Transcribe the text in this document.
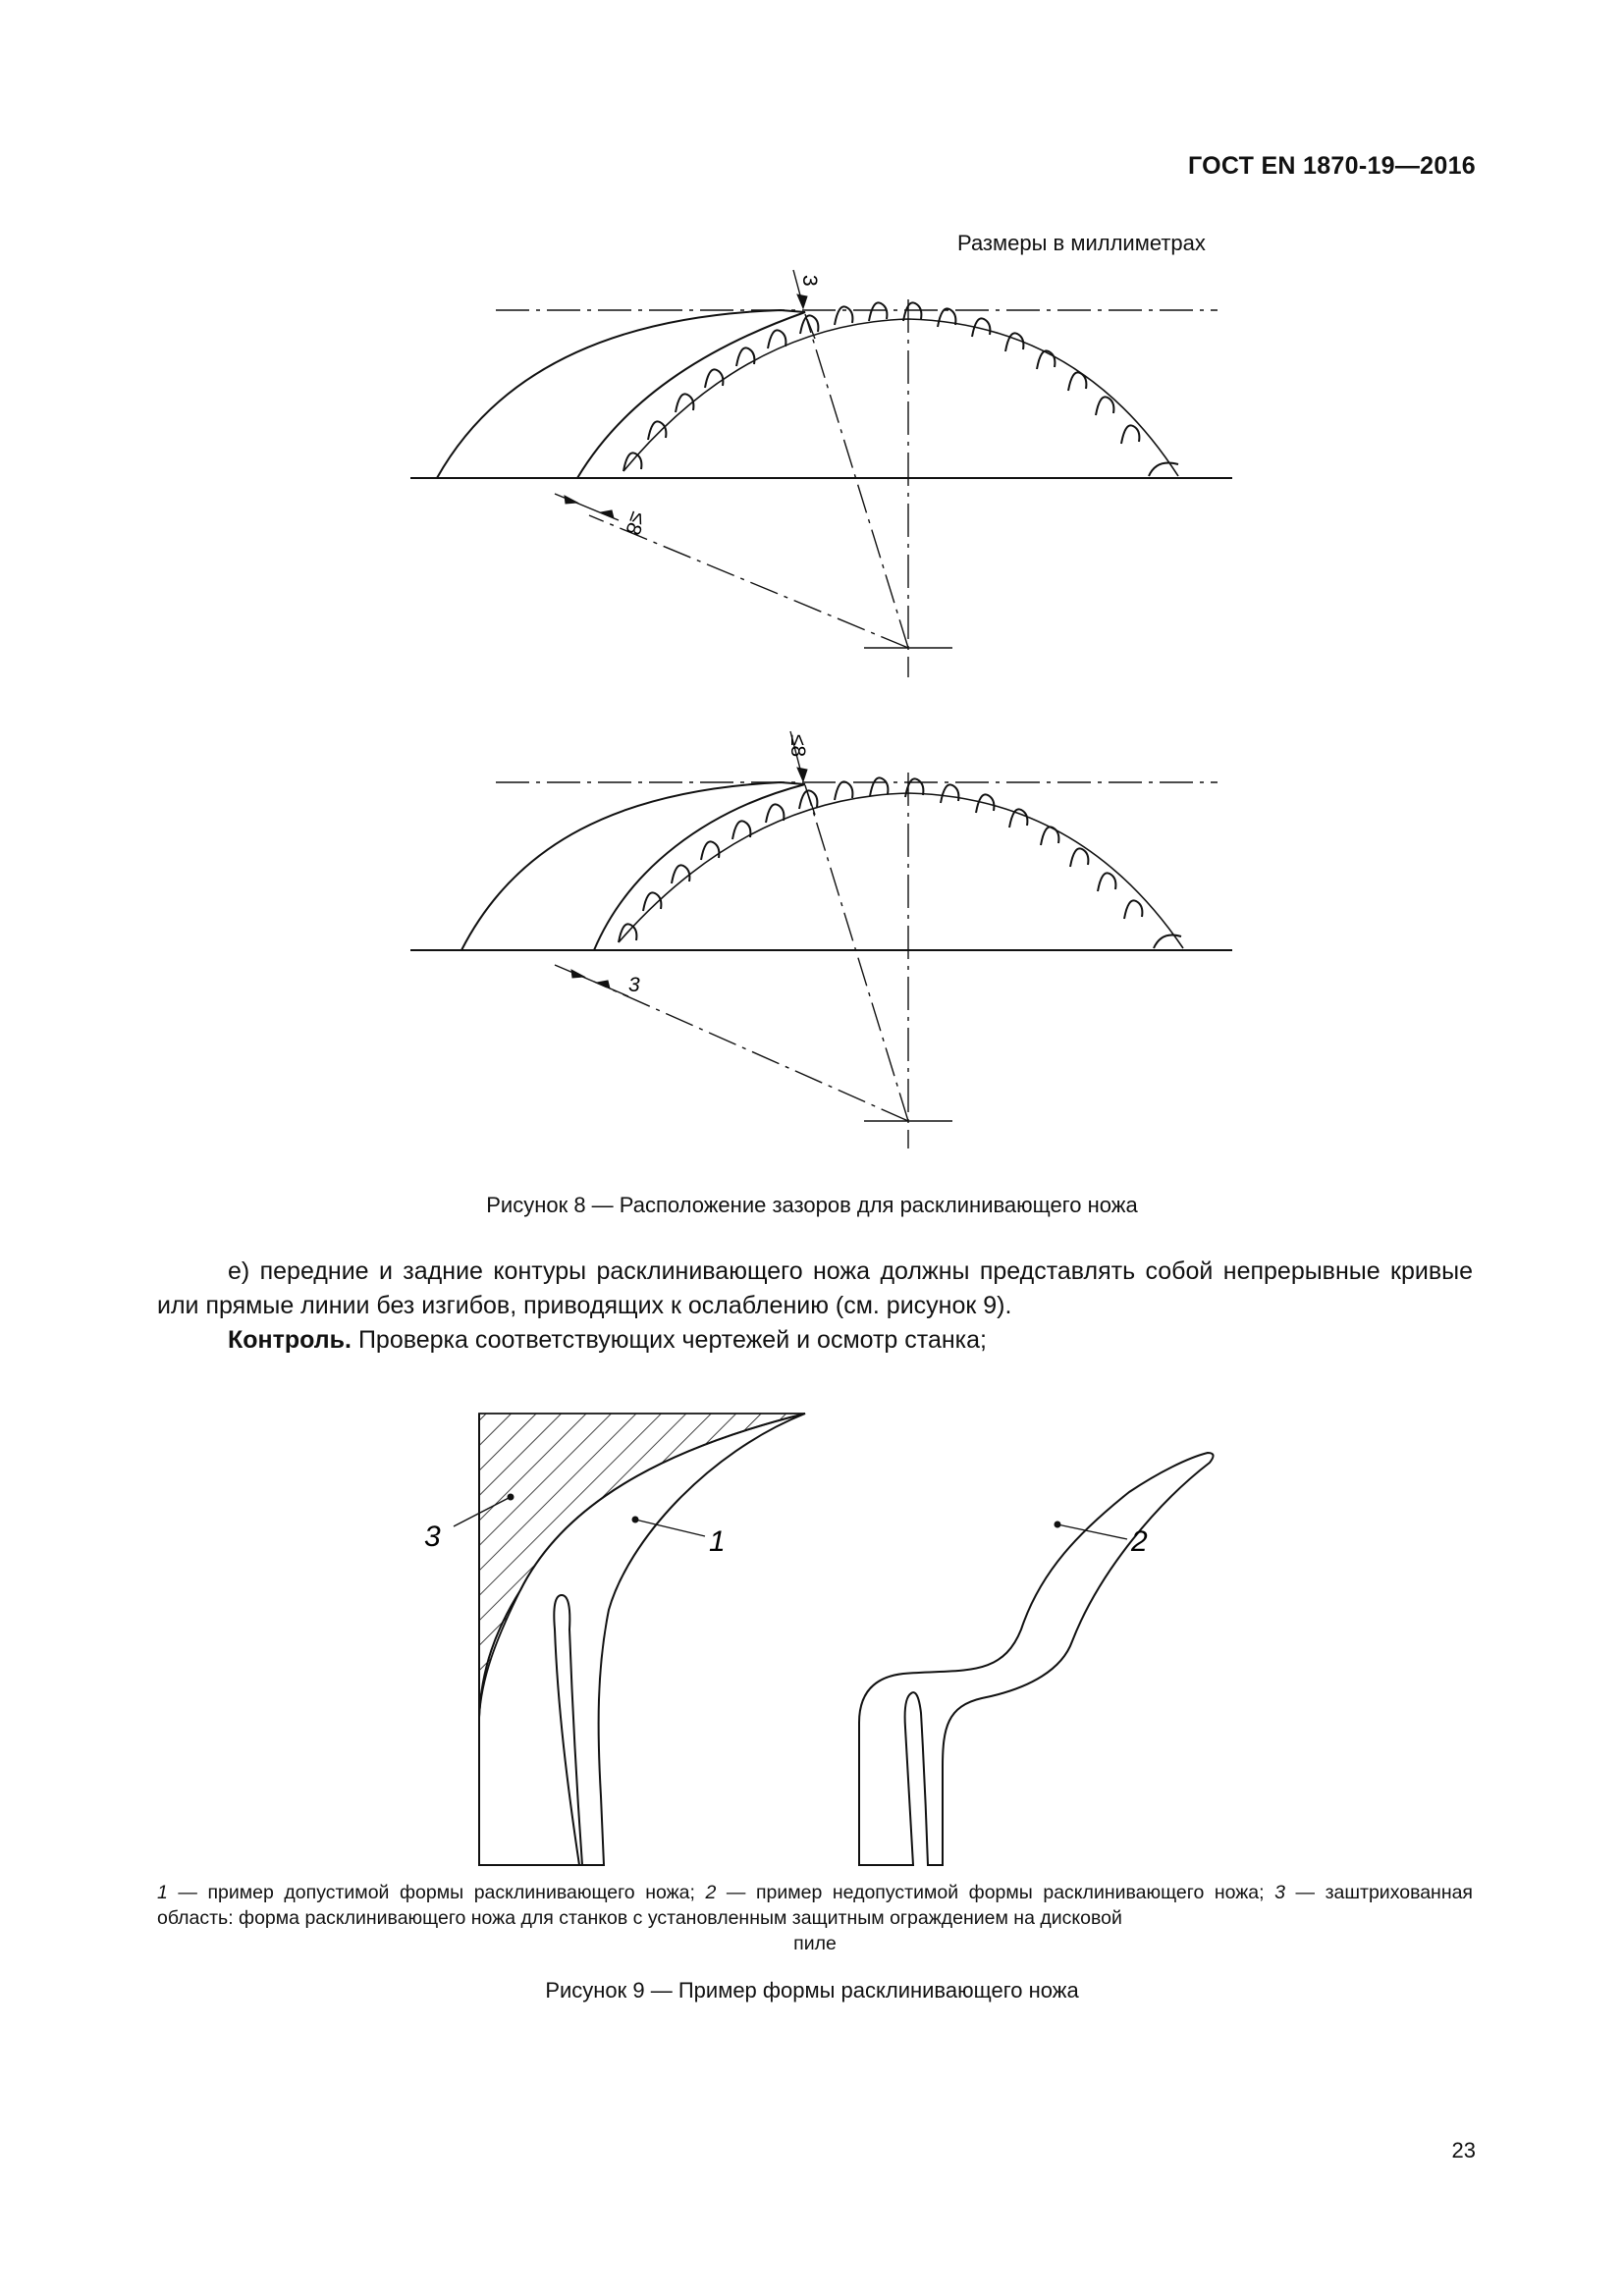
ГОСТ EN 1870-19—2016
Размеры в миллиметрах
3
≤8
≤8
3
3	1	2
Рисунок 8 — Расположение зазоров для расклинивающего ножа

е) передние и задние контуры расклинивающего ножа должны представлять собой непрерывные кривые или прямые линии без изгибов, приводящих к ослаблению (см. рисунок 9).

Контроль. Проверка соответствующих чертежей и осмотр станка;

1 — пример допустимой формы расклинивающего ножа; 2 — пример недопустимой формы расклинивающего ножа; 3 — заштрихованная область: форма расклинивающего ножа для станков с установленным защитным ограждением на дисковой
пиле
Рисунок 9 — Пример формы расклинивающего ножа
23
